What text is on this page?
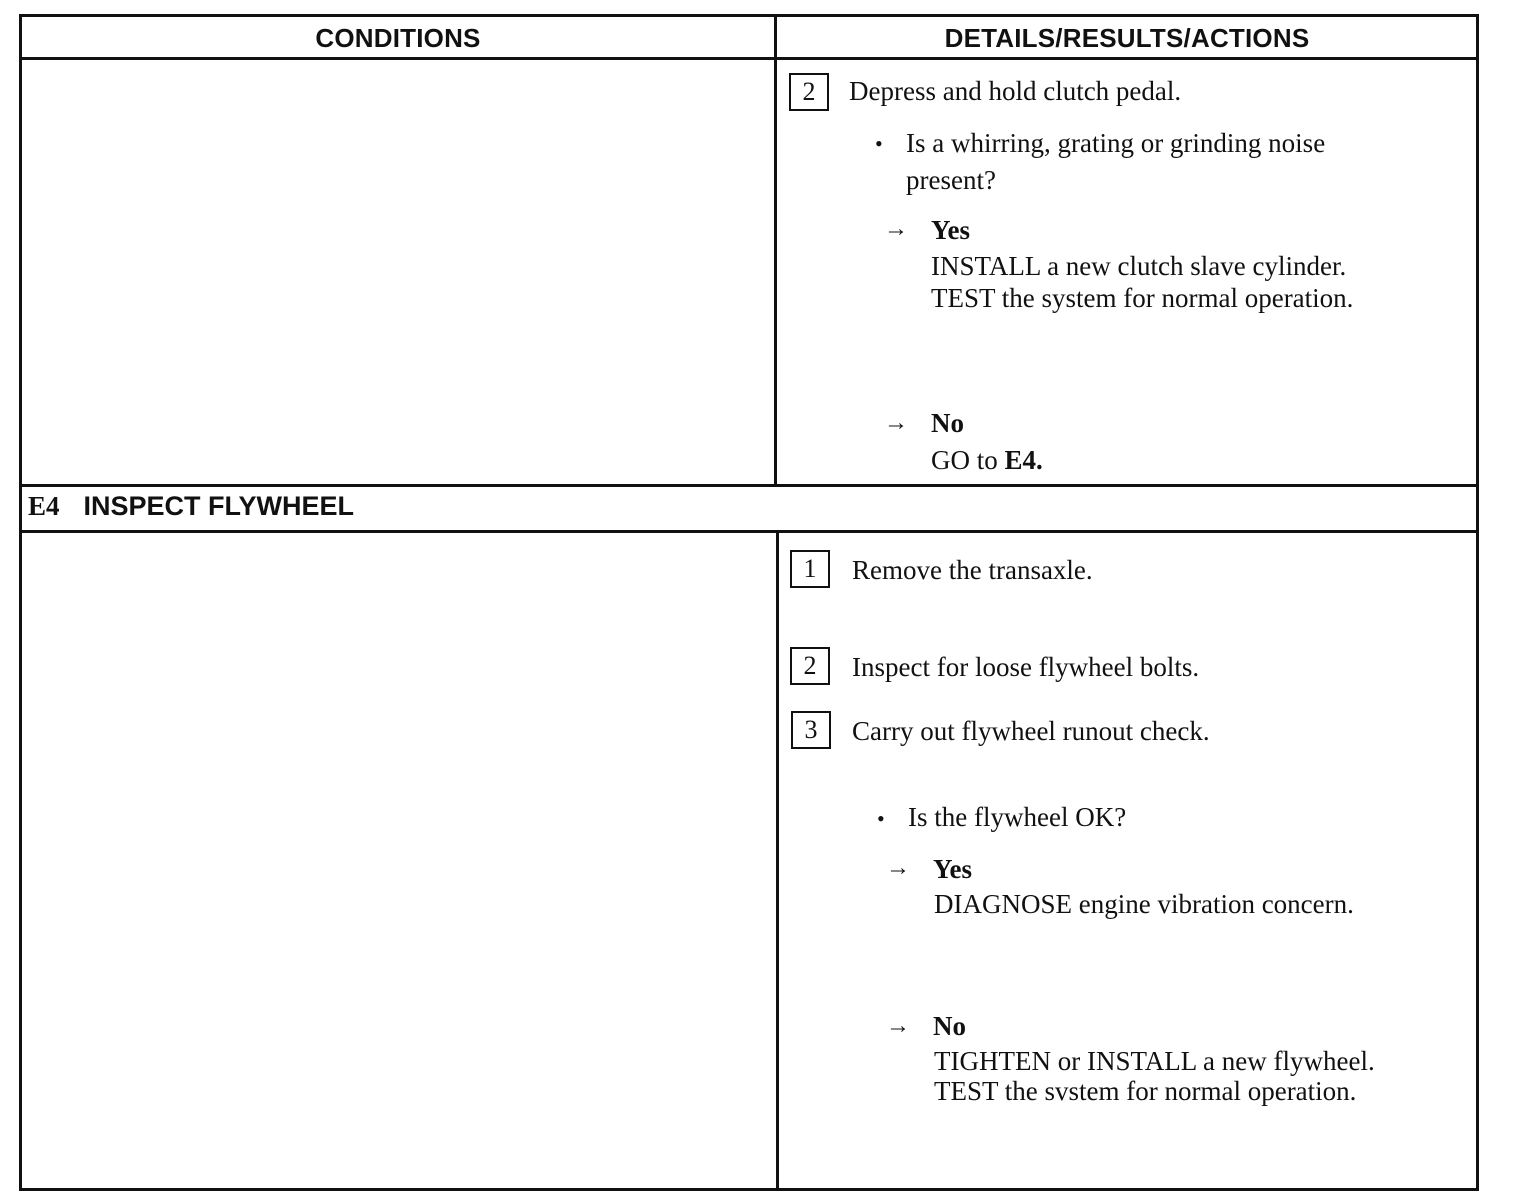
CONDITIONS	DETAILS/RESULTS/ACTIONS
2	Depress and hold clutch pedal.
• Is a whirring, grating or grinding noise
present?
→ Yes
INSTALL a new clutch slave cylinder.
TEST the system for normal operation.
→ No
GO to E4.
E4 INSPECT FLYWHEEL
1	Remove the transaxle.
2	Inspect for loose flywheel bolts.
3	Carry out flywheel runout check.
• Is the flywheel OK?
→ Yes
DIAGNOSE engine vibration concern.
→ No
TIGHTEN or INSTALL a new flywheel.
TEST the svstem for normal operation.
